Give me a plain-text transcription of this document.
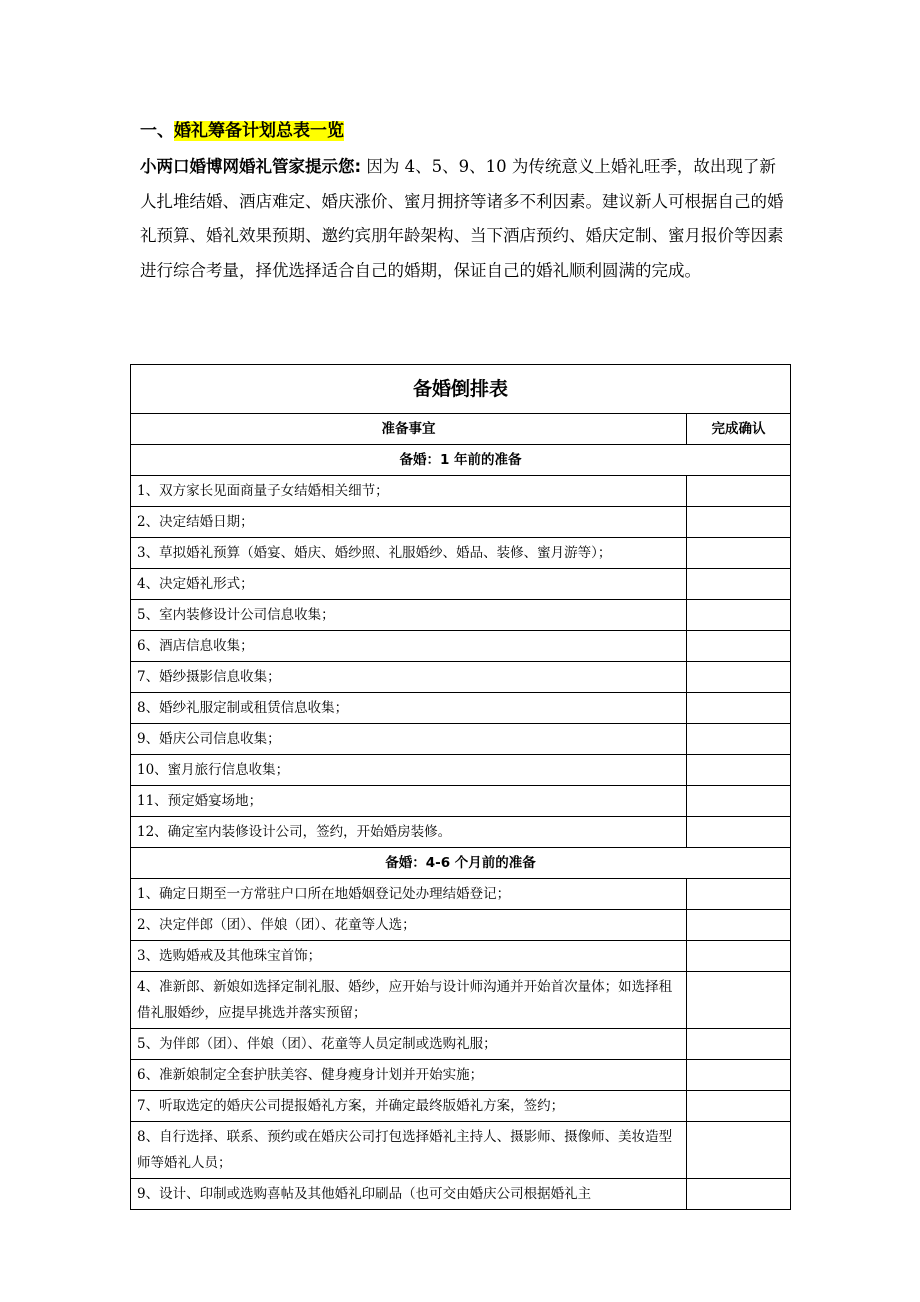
一、婚礼筹备计划总表一览
小两口婚博网婚礼管家提示您: 因为 4、5、9、10 为传统意义上婚礼旺季，故出现了新人扎堆结婚、酒店难定、婚庆涨价、蜜月拥挤等诸多不利因素。建议新人可根据自己的婚礼预算、婚礼效果预期、邀约宾朋年龄架构、当下酒店预约、婚庆定制、蜜月报价等因素进行综合考量，择优选择适合自己的婚期，保证自己的婚礼顺利圆满的完成。
备婚倒排表	
准备事宜	完成确认
备婚：1 年前的准备	
1、双方家长见面商量子女结婚相关细节；	
2、决定结婚日期；	
3、草拟婚礼预算（婚宴、婚庆、婚纱照、礼服婚纱、婚品、装修、蜜月游等）；	
4、决定婚礼形式；	
5、室内装修设计公司信息收集；	
6、酒店信息收集；	
7、婚纱摄影信息收集；	
8、婚纱礼服定制或租赁信息收集；	
9、婚庆公司信息收集；	
10、蜜月旅行信息收集；	
11、预定婚宴场地；	
12、确定室内装修设计公司，签约，开始婚房装修。	
备婚：4-6 个月前的准备	
1、确定日期至一方常驻户口所在地婚姻登记处办理结婚登记；	
2、决定伴郎（团）、伴娘（团）、花童等人选；	
3、选购婚戒及其他珠宝首饰；	
4、准新郎、新娘如选择定制礼服、婚纱，应开始与设计师沟通并开始首次量体；如选择租借礼服婚纱，应提早挑选并落实预留；	
5、为伴郎（团）、伴娘（团）、花童等人员定制或选购礼服；	
6、准新娘制定全套护肤美容、健身瘦身计划并开始实施；	
7、听取选定的婚庆公司提报婚礼方案，并确定最终版婚礼方案，签约；	
8、自行选择、联系、预约或在婚庆公司打包选择婚礼主持人、摄影师、摄像师、美妆造型师等婚礼人员；	
9、设计、印制或选购喜帖及其他婚礼印刷品（也可交由婚庆公司根据婚礼主	
